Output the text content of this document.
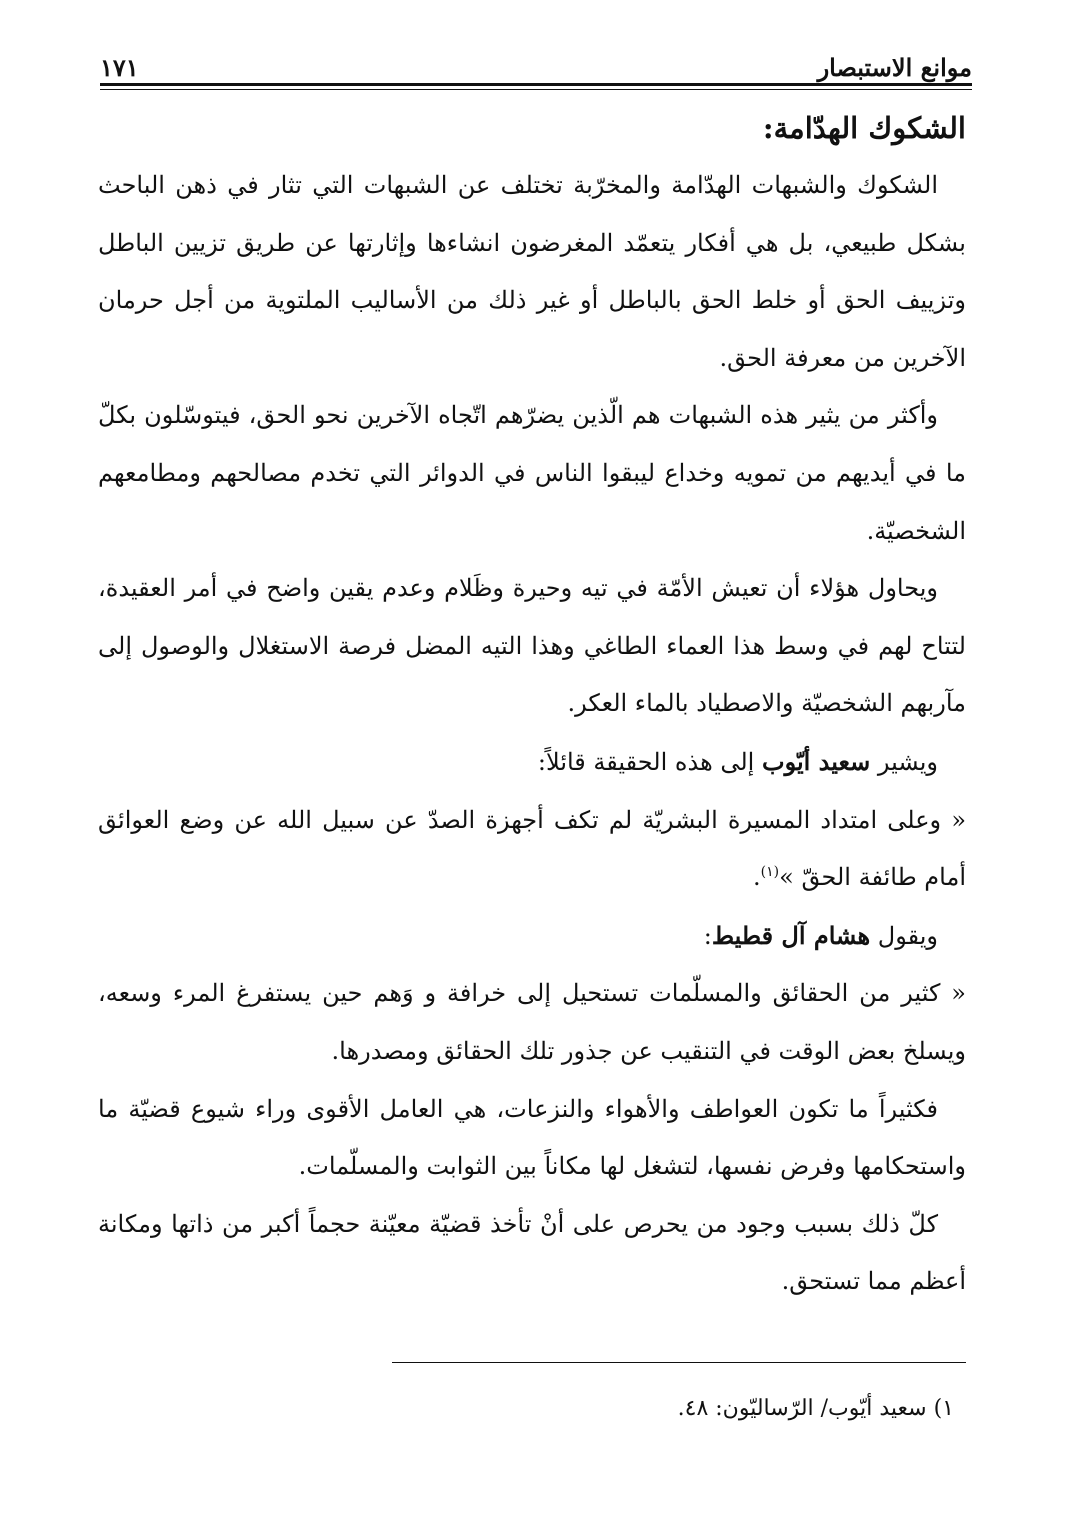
موانع الاستبصار
١٧١

الشكوك الهدّامة:

الشكوك والشبهات الهدّامة والمخرّبة تختلف عن الشبهات التي تثار في ذهن الباحث بشكل طبيعي، بل هي أفكار يتعمّد المغرضون انشاءها وإثارتها عن طريق تزيين الباطل وتزييف الحق أو خلط الحق بالباطل أو غير ذلك من الأساليب الملتوية من أجل حرمان الآخرين من معرفة الحق.

وأكثر من يثير هذه الشبهات هم الّذين يضرّهم اتّجاه الآخرين نحو الحق، فيتوسّلون بكلّ ما في أيديهم من تمويه وخداع ليبقوا الناس في الدوائر التي تخدم مصالحهم ومطامعهم الشخصيّة.

ويحاول هؤلاء أن تعيش الأمّة في تيه وحيرة وظَلام وعدم يقين واضح في أمر العقيدة، لتتاح لهم في وسط هذا العماء الطاغي وهذا التيه المضل فرصة الاستغلال والوصول إلى مآربهم الشخصيّة والاصطياد بالماء العكر.

ويشير سعيد أيّوب إلى هذه الحقيقة قائلاً:

« وعلى امتداد المسيرة البشريّة لم تكف أجهزة الصدّ عن سبيل الله عن وضع العوائق أمام طائفة الحقّ »$^{(١)}$.

ويقول هشام آل قطيط:

« كثير من الحقائق والمسلّمات تستحيل إلى خرافة و وَهم حين يستفرغ المرء وسعه، ويسلخ بعض الوقت في التنقيب عن جذور تلك الحقائق ومصدرها.

فكثيراً ما تكون العواطف والأهواء والنزعات، هي العامل الأقوى وراء شيوع قضيّة ما واستحكامها وفرض نفسها، لتشغل لها مكاناً بين الثوابت والمسلّمات.

كلّ ذلك بسبب وجود من يحرص على أنْ تأخذ قضيّة معيّنة حجماً أكبر من ذاتها ومكانة أعظم مما تستحق.

١) سعيد أيّوب/ الرّساليّون: ٤٨.
